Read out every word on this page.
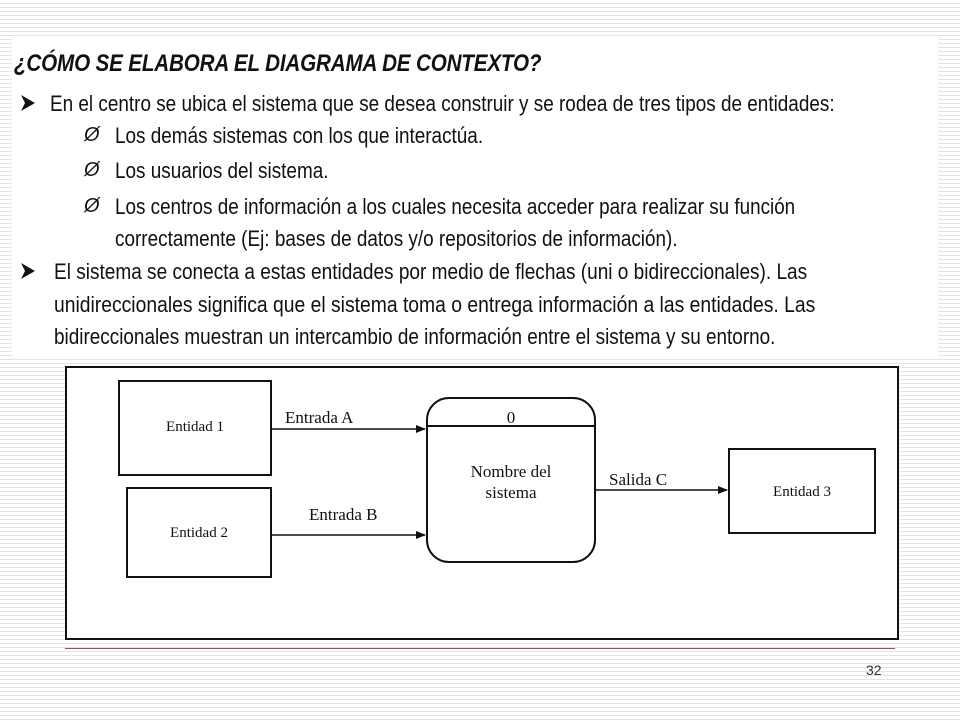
¿CÓMO SE ELABORA EL DIAGRAMA DE CONTEXTO?
En el centro se ubica el sistema que se desea construir y se rodea de tres tipos de entidades:
Ø Los demás sistemas con los que interactúa.
Ø Los usuarios del sistema.
Ø Los centros de información a los cuales necesita acceder para realizar su función
correctamente (Ej: bases de datos y/o repositorios de información).
El sistema se conecta a estas entidades por medio de flechas (uni o bidireccionales). Las
unidireccionales significa que el sistema toma o entrega información a las entidades. Las
bidireccionales muestran un intercambio de información entre el sistema y su entorno.
Entidad 1
Entidad 2
0
Nombre del
sistema	Entidad 3
Entrada A
Entrada B
Salida C
32
